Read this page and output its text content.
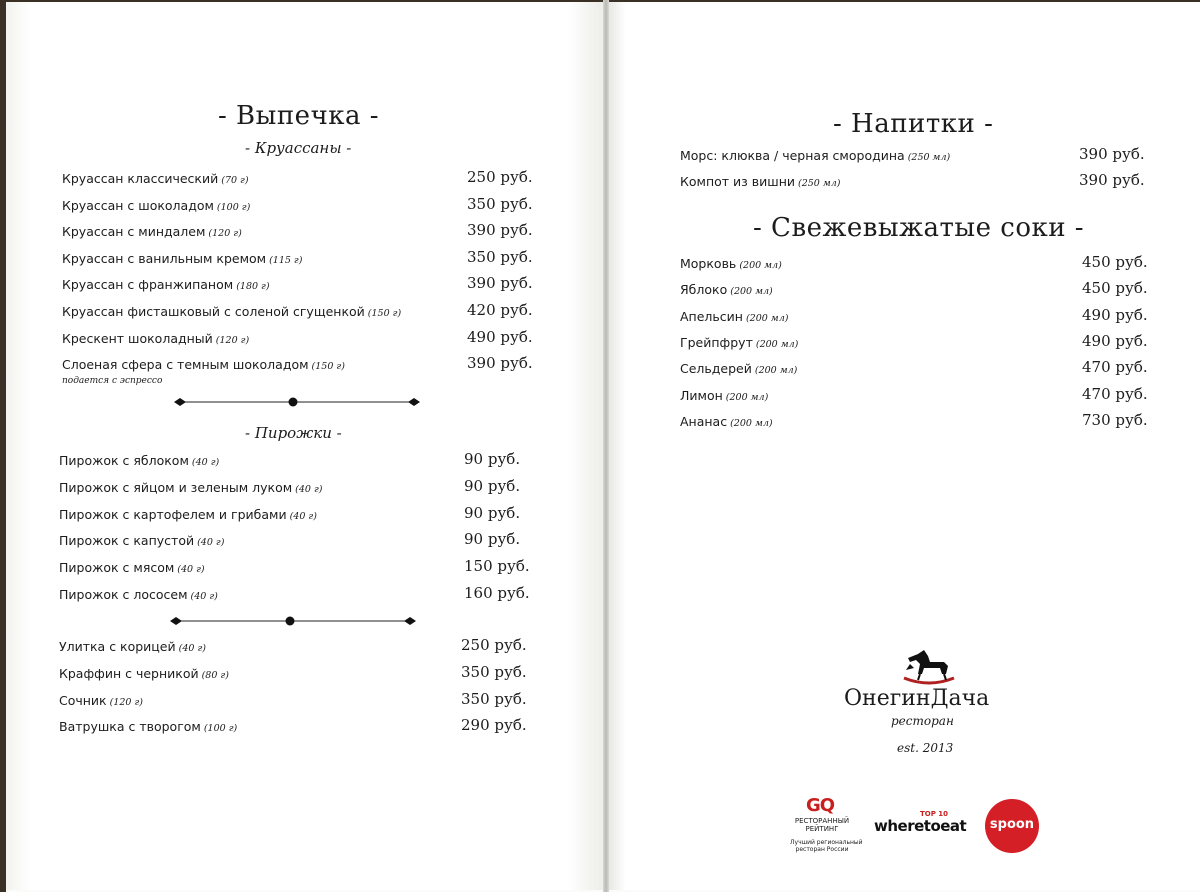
- Выпечка -
- Круассаны -
Круассан классический (70 г)	250 руб.
Круассан с шоколадом (100 г)	350 руб.
Круассан с миндалем (120 г)	390 руб.
Круассан с ванильным кремом (115 г)	350 руб.
Круассан с франжипаном (180 г)	390 руб.
Круассан фисташковый с соленой сгущенкой (150 г)	420 руб.
Крескент шоколадный (120 г)	490 руб.
Слоеная сфера с темным шоколадом (150 г)	390 руб.
подается с эспрессо
- Пирожки -
Пирожок с яблоком (40 г)	90 руб.
Пирожок с яйцом и зеленым луком (40 г)	90 руб.
Пирожок с картофелем и грибами (40 г)	90 руб.
Пирожок с капустой (40 г)	90 руб.
Пирожок с мясом (40 г)	150 руб.
Пирожок с лососем (40 г)	160 руб.
Улитка с корицей (40 г)	250 руб.
Краффин с черникой (80 г)	350 руб.
Сочник (120 г)	350 руб.
Ватрушка с творогом (100 г)	290 руб.
- Напитки -
Морс: клюква / черная смородина (250 мл)	390 руб.
Компот из вишни (250 мл)	390 руб.
- Свежевыжатые соки -
Морковь (200 мл)	450 руб.
Яблоко (200 мл)	450 руб.
Апельсин (200 мл)	490 руб.
Грейпфрут (200 мл)	490 руб.
Сельдерей (200 мл)	470 руб.
Лимон (200 мл)	470 руб.
Ананас (200 мл)	730 руб.
ОнегинДача
ресторан
est. 2013
GQ
РЕСТОРАННЫЙ
РЕЙТИНГ
Лучший региональный
ресторан России
TOP 10
wheretoeat	spoon
